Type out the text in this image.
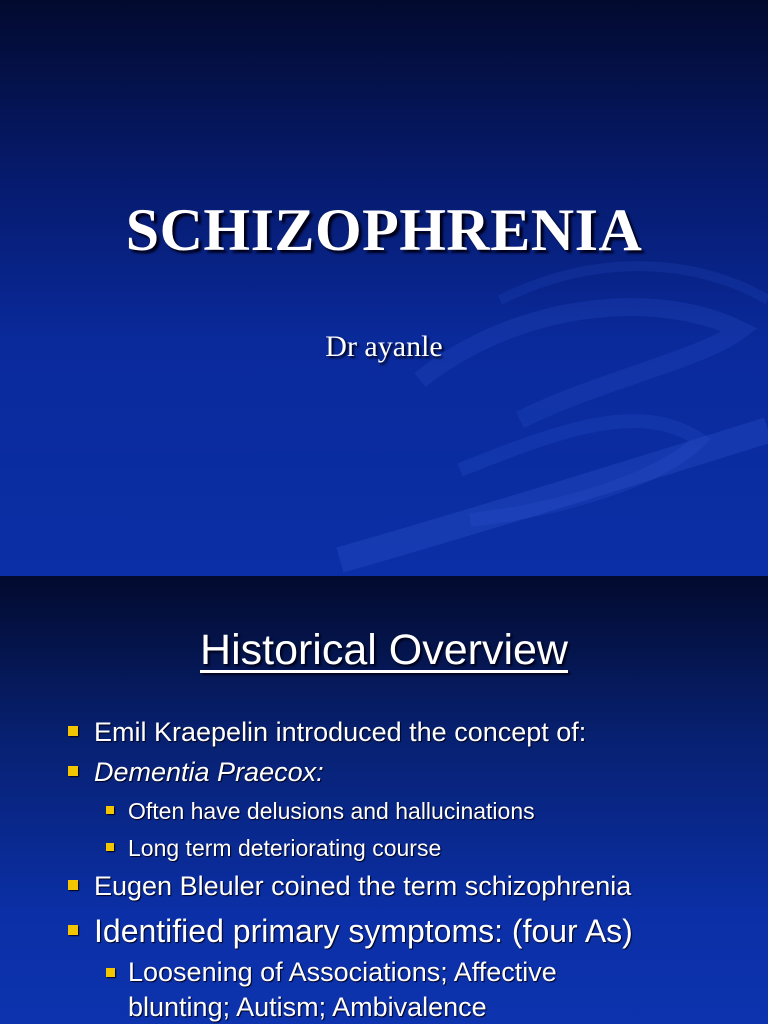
SCHIZOPHRENIA
Dr ayanle
Historical Overview
Emil Kraepelin introduced the concept of:
Dementia Praecox:
Often have delusions and hallucinations
Long term deteriorating course
Eugen Bleuler coined the term schizophrenia
Identified primary symptoms: (four As)
Loosening of Associations; Affective
blunting; Autism; Ambivalence
